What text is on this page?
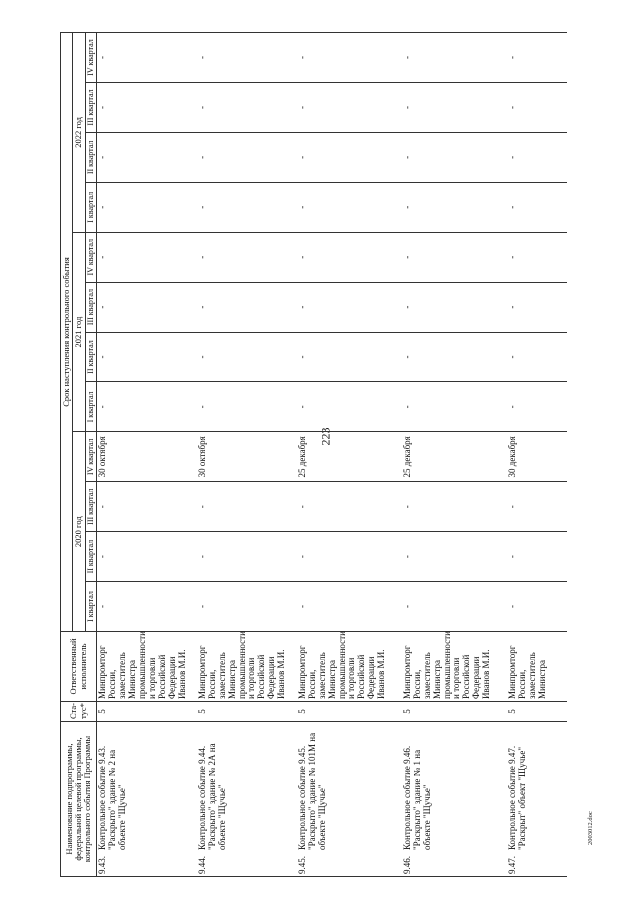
223
Наименование подпрограммы, федеральной целевой программы, контрольного события Программы	Ста-тус*	Ответственный исполнитель	Срок наступления контрольного события											
			2020 год				2021 год				2022 год			
			I квартал	II квартал	III квартал	IV квартал	I квартал	II квартал	III квартал	IV квартал	I квартал	II квартал	III квартал	IV квартал

9.43.
Контрольное событие 9.43. "Раскрыто" здание № 2 на объекте "Щучье"	5	Минпромторг России, заместитель Министра промышленности и торговли Российской Федерации Иванов М.И.	-	-	-	30 октября	-	-	-	-	-	-	-	-

9.44.
Контрольное событие 9.44. "Раскрыто" здание № 2А на объекте "Щучье"	5	Минпромторг России, заместитель Министра промышленности и торговли Российской Федерации Иванов М.И.	-	-	-	30 октября	-	-	-	-	-	-	-	-

9.45.
Контрольное событие 9.45. "Раскрыто" здание № 101М на объекте "Щучье"	5	Минпромторг России, заместитель Министра промышленности и торговли Российской Федерации Иванов М.И.	-	-	-	25 декабря	-	-	-	-	-	-	-	-

9.46.
Контрольное событие 9.46. "Раскрыто" здание № 1 на объекте "Щучье"	5	Минпромторг России, заместитель Министра промышленности и торговли Российской Федерации Иванов М.И.	-	-	-	25 декабря	-	-	-	-	-	-	-	-

9.47.
Контрольное событие 9.47. "Раскрыт" объект "Щучье"	5	Минпромторг России, заместитель Министра	-	-	-	30 декабря	-	-	-	-	-	-	-	-
2003012.doc
